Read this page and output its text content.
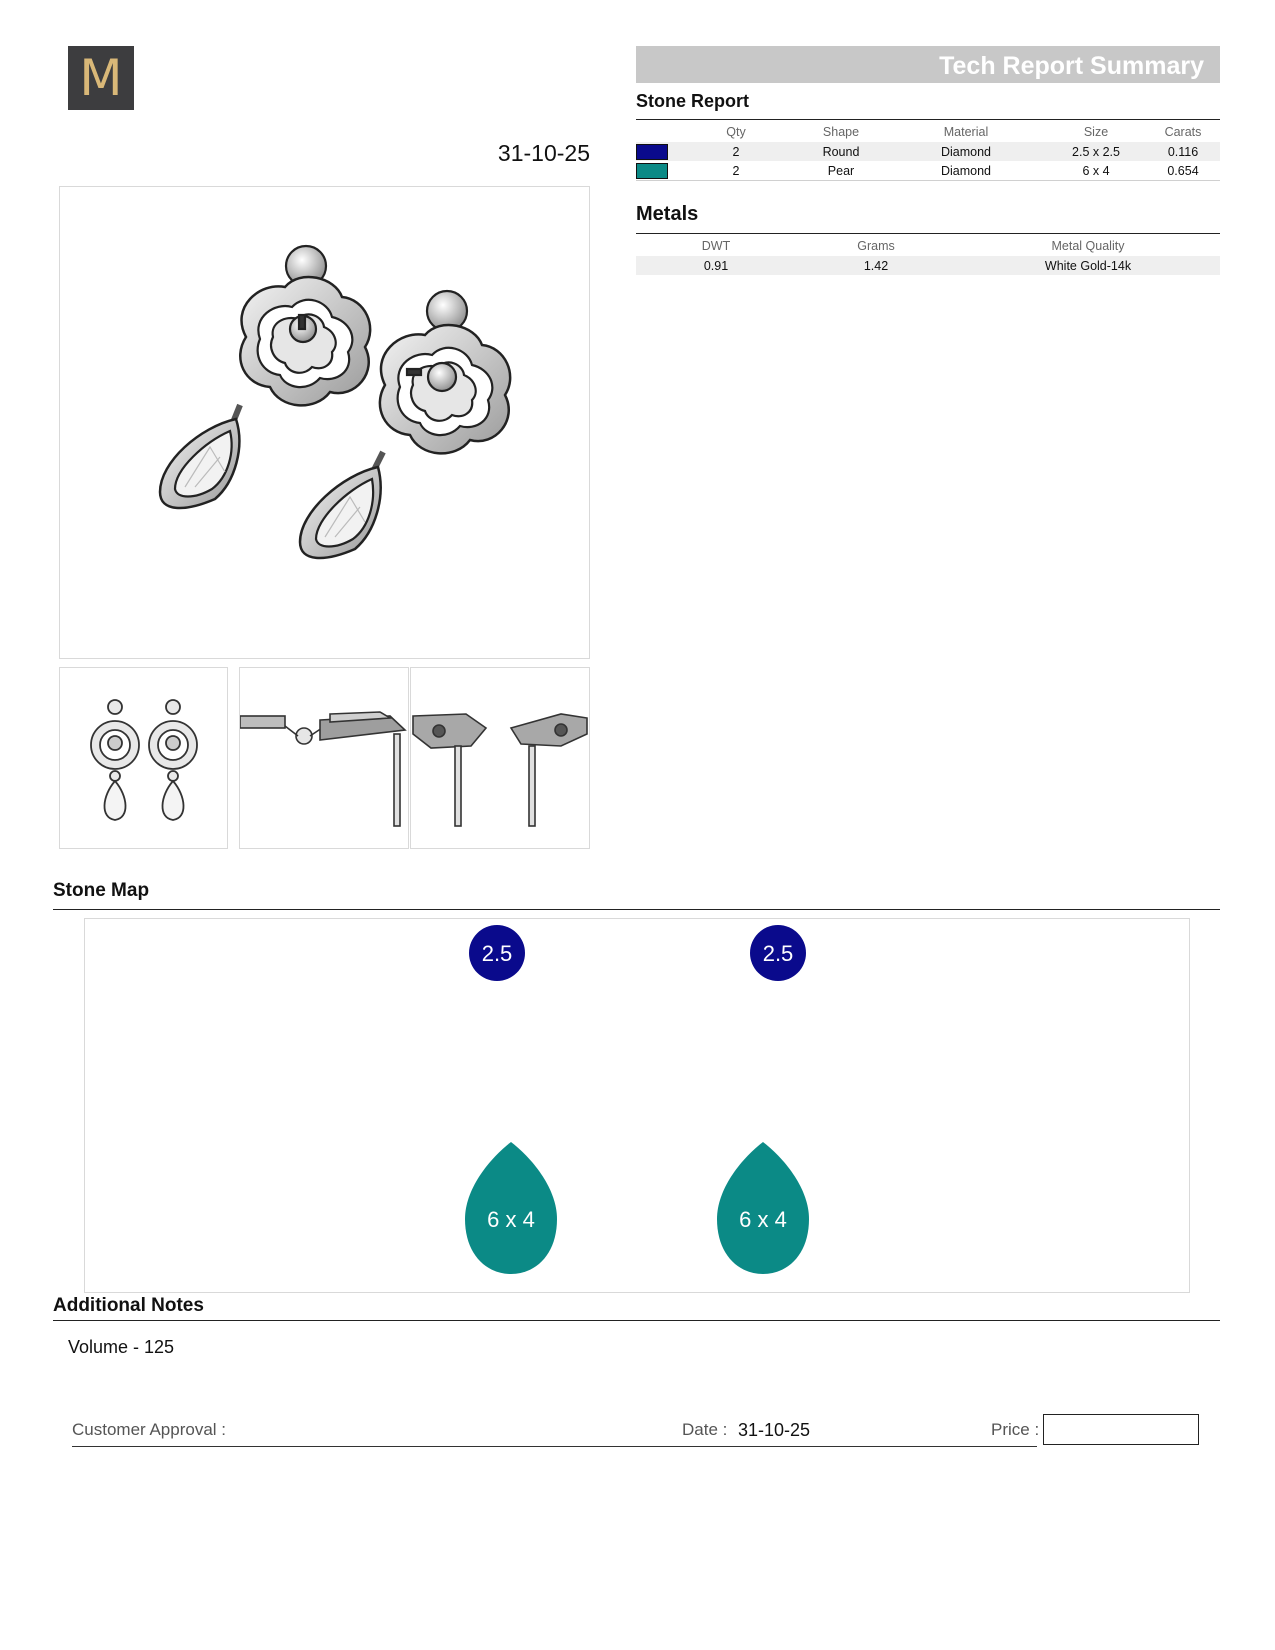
M	Tech Report Summary
31-10-25
Stone Report
	Qty	Shape	Material	Size	Carats
	2	Round	Diamond	2.5 x 2.5	0.116
	2	Pear	Diamond	6 x 4	0.654
Metals
DWT	Grams	Metal Quality
0.91	1.42	White Gold-14k
Stone Map
2.5	2.5
6 x 4	6 x 4
Additional Notes
Volume - 125
Customer Approval :	Date : 31-10-25	Price :
